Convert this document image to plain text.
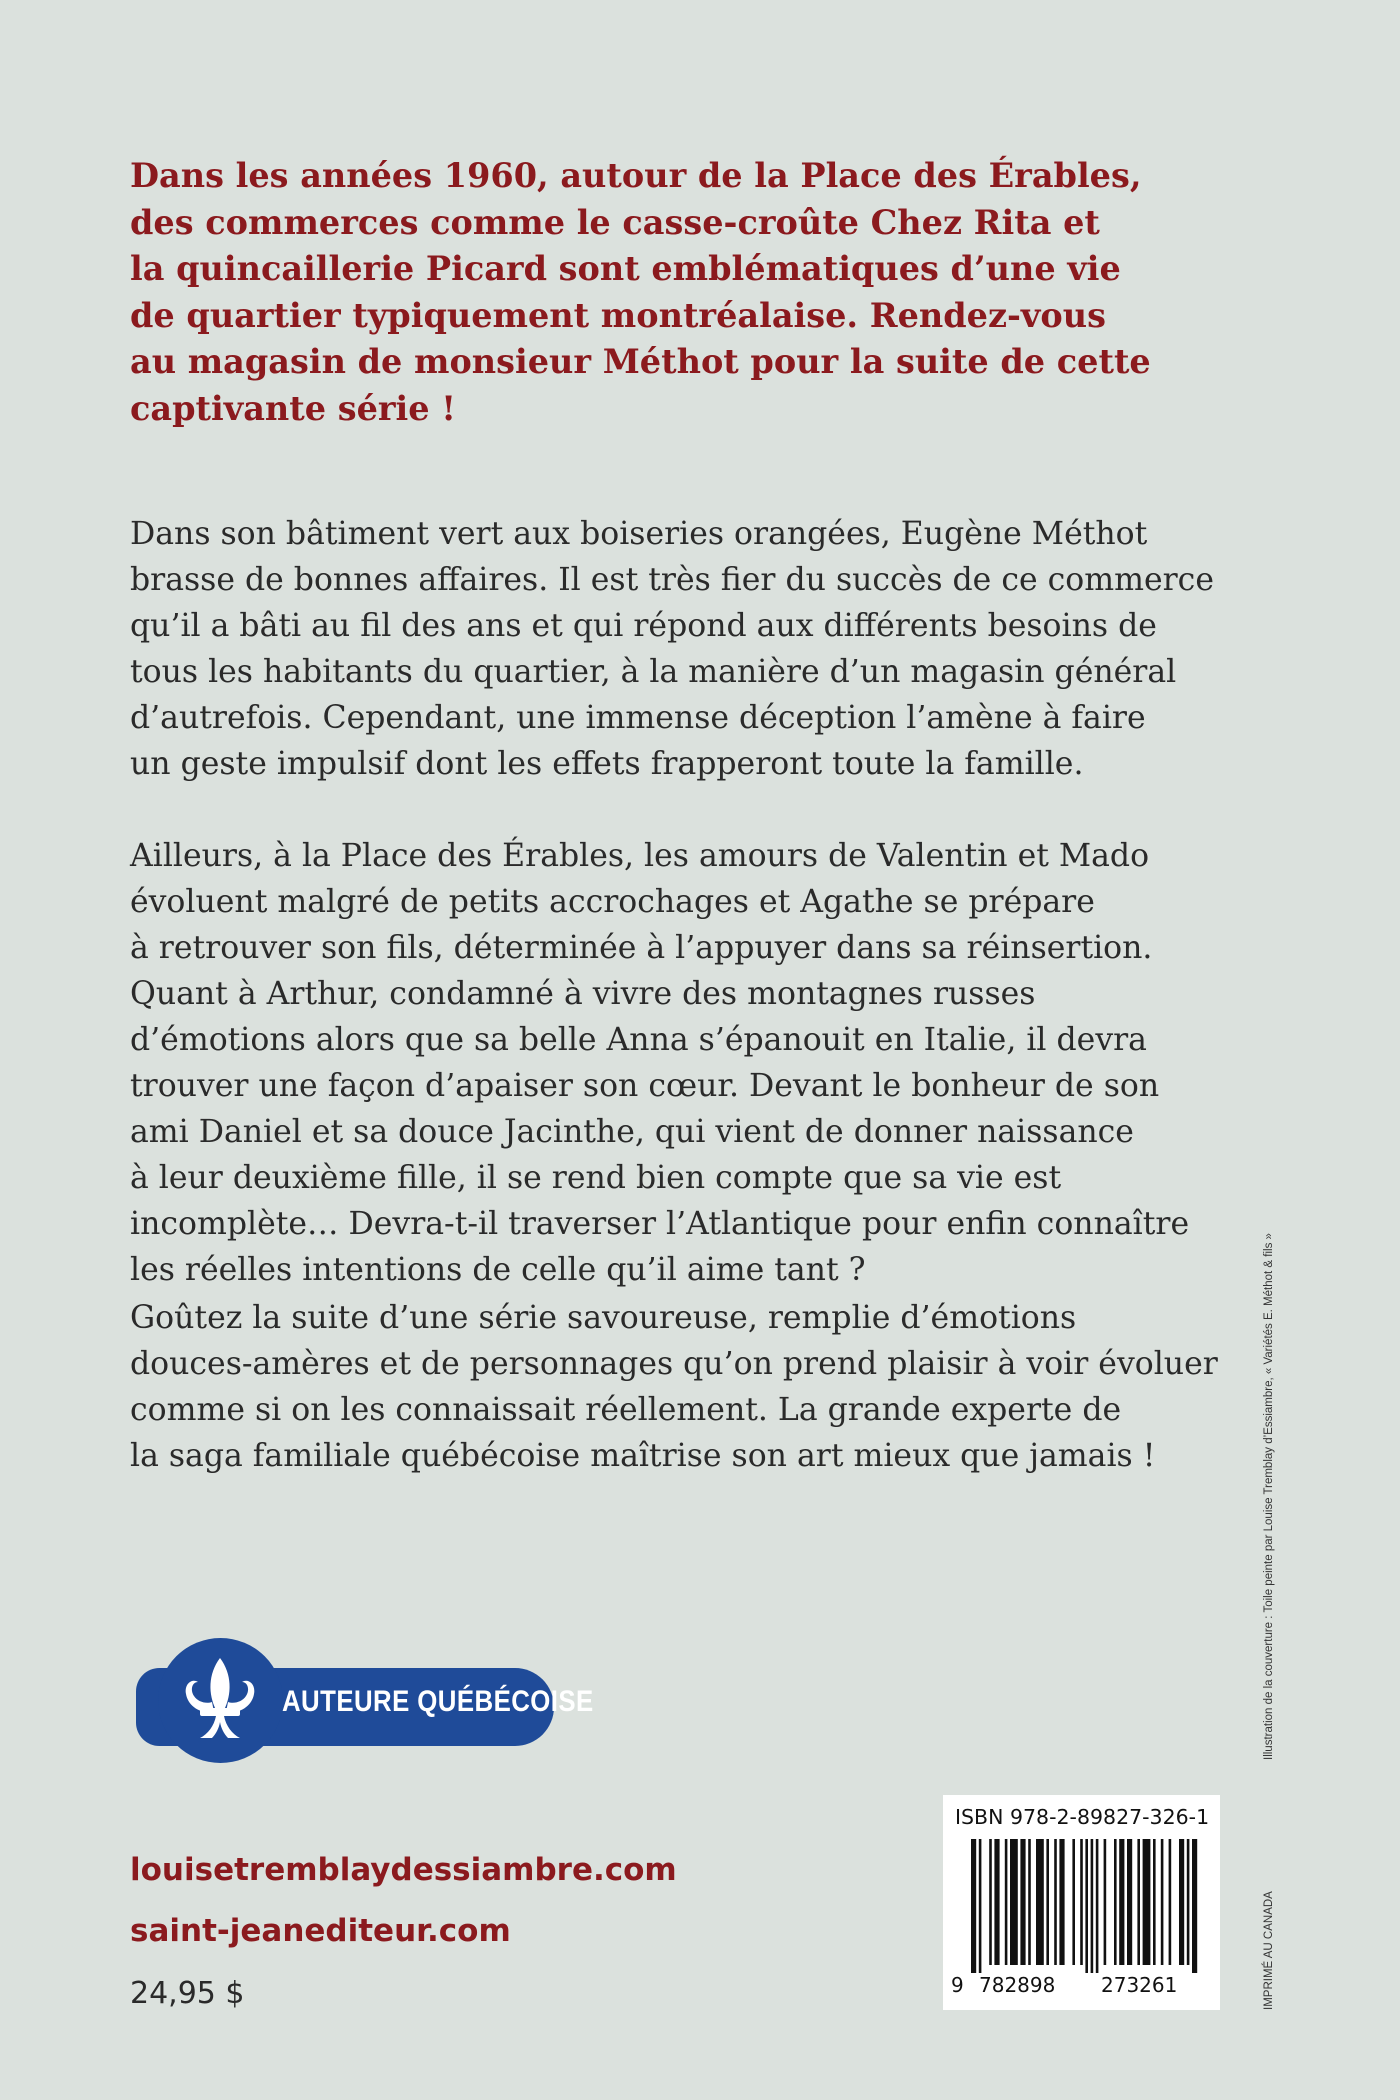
Dans les années 1960, autour de la Place des Érables,
des commerces comme le casse-croûte Chez Rita et
la quincaillerie Picard sont emblématiques d’une vie
de quartier typiquement montréalaise. Rendez-vous
au magasin de monsieur Méthot pour la suite de cette
captivante série !
Dans son bâtiment vert aux boiseries orangées, Eugène Méthot
brasse de bonnes affaires. Il est très fier du succès de ce commerce
qu’il a bâti au fil des ans et qui répond aux différents besoins de
tous les habitants du quartier, à la manière d’un magasin général
d’autrefois. Cependant, une immense déception l’amène à faire
un geste impulsif dont les effets frapperont toute la famille.
Ailleurs, à la Place des Érables, les amours de Valentin et Mado
évoluent malgré de petits accrochages et Agathe se prépare
à retrouver son fils, déterminée à l’appuyer dans sa réinsertion.
Quant à Arthur, condamné à vivre des montagnes russes
d’émotions alors que sa belle Anna s’épanouit en Italie, il devra
trouver une façon d’apaiser son cœur. Devant le bonheur de son
ami Daniel et sa douce Jacinthe, qui vient de donner naissance
à leur deuxième fille, il se rend bien compte que sa vie est
incomplète… Devra-t-il traverser l’Atlantique pour enfin connaître
les réelles intentions de celle qu’il aime tant ?
Goûtez la suite d’une série savoureuse, remplie d’émotions
douces-amères et de personnages qu’on prend plaisir à voir évoluer
comme si on les connaissait réellement. La grande experte de
la saga familiale québécoise maîtrise son art mieux que jamais !
AUTEURE QUÉBÉCOISE
louisetremblaydessiambre.com
saint-jeanediteur.com
24,95 $
ISBN 978-2-89827-326-1
9 782898 273261
Illustration de la couverture : Toile peinte par Louise Tremblay d’Essiambre, « Variétés E. Méthot & fils »
IMPRIMÉ AU CANADA
